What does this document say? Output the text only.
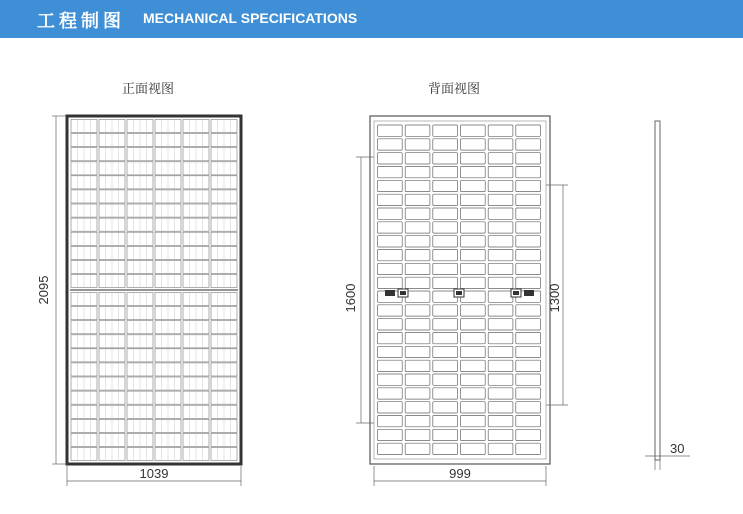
工程制图 MECHANICAL SPECIFICATIONS
正面视图	背面视图
2095
1039
1600	1300
999
30
